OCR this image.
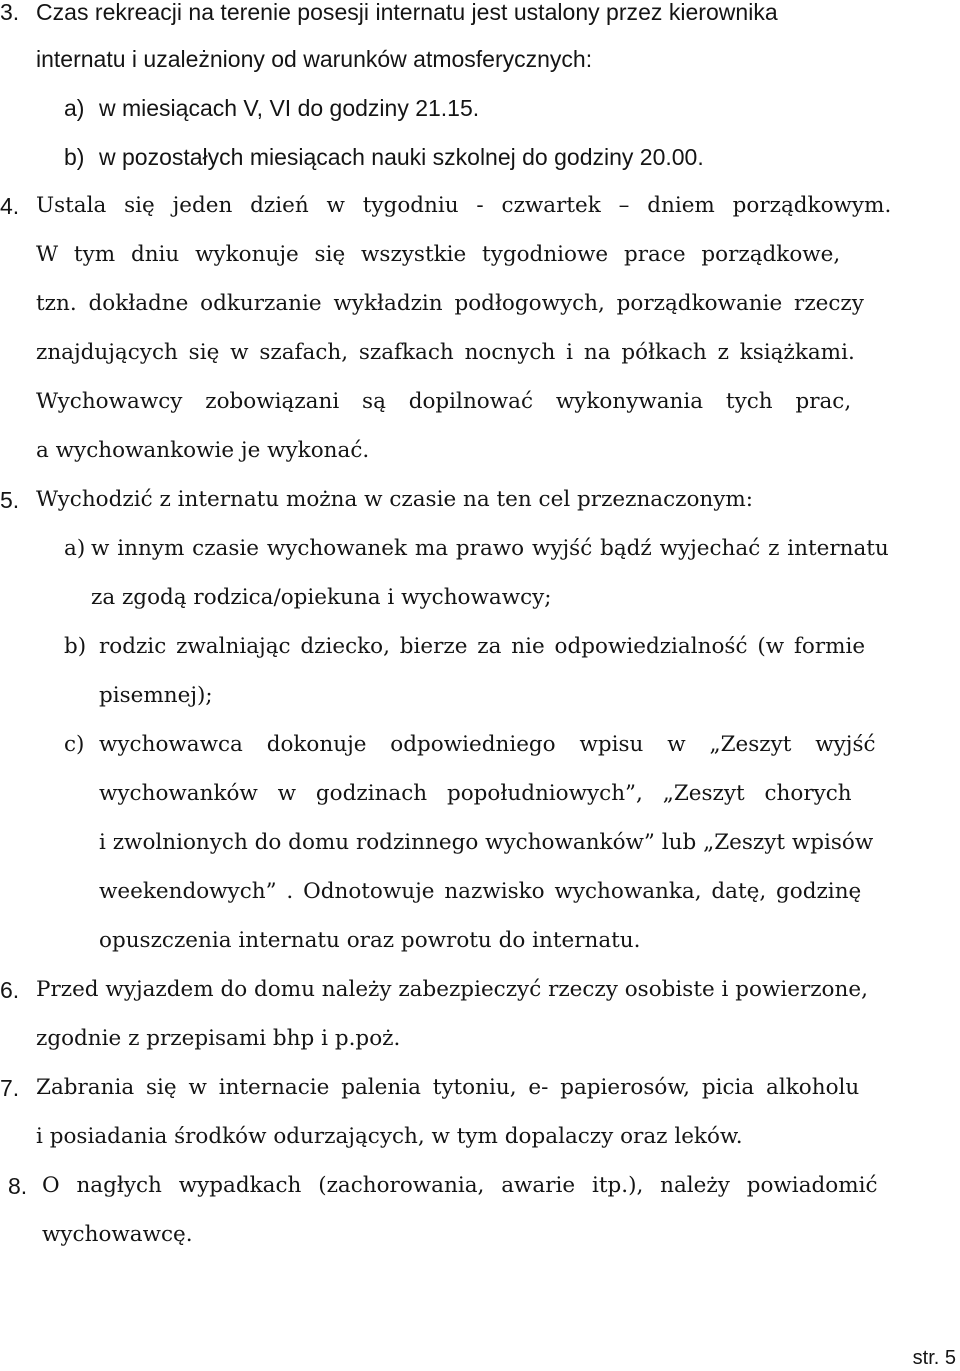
3. Czas rekreacji na terenie posesji internatu jest ustalony przez kierownika
internatu i uzależniony od warunków atmosferycznych:
a) w miesiącach V, VI do godziny 21.15.
b) w pozostałych miesiącach nauki szkolnej do godziny 20.00.
4. Ustala się jeden dzień w tygodniu - czwartek – dniem porządkowym.
W tym dniu wykonuje się wszystkie tygodniowe prace porządkowe,
tzn. dokładne odkurzanie wykładzin podłogowych, porządkowanie rzeczy
znajdujących się w szafach, szafkach nocnych i na półkach z książkami.
Wychowawcy zobowiązani są dopilnować wykonywania tych prac,
a wychowankowie je wykonać.
5. Wychodzić z internatu można w czasie na ten cel przeznaczonym:
a) w innym czasie wychowanek ma prawo wyjść bądź wyjechać z internatu
za zgodą rodzica/opiekuna i wychowawcy;
b) rodzic zwalniając dziecko, bierze za nie odpowiedzialność (w formie
pisemnej);
c) wychowawca dokonuje odpowiedniego wpisu w „Zeszyt wyjść
wychowanków w godzinach popołudniowych”, „Zeszyt chorych
i zwolnionych do domu rodzinnego wychowanków” lub „Zeszyt wpisów
weekendowych” . Odnotowuje nazwisko wychowanka, datę, godzinę
opuszczenia internatu oraz powrotu do internatu.
6. Przed wyjazdem do domu należy zabezpieczyć rzeczy osobiste i powierzone,
zgodnie z przepisami bhp i p.poż.
7. Zabrania się w internacie palenia tytoniu, e- papierosów, picia alkoholu
i posiadania środków odurzających, w tym dopalaczy oraz leków.
8. O nagłych wypadkach (zachorowania, awarie itp.), należy powiadomić
wychowawcę.
str. 5
